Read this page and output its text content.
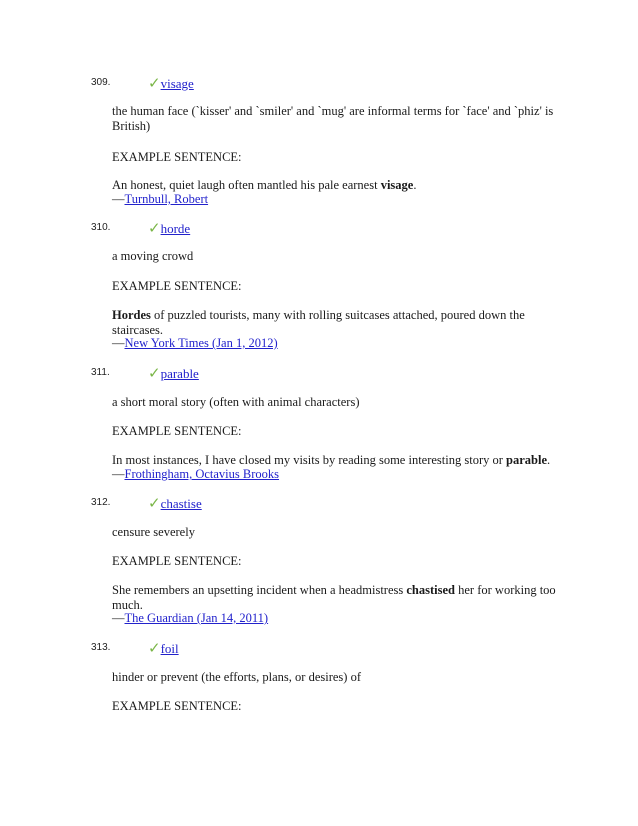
309.	✓visage

the human face (`kisser' and `smiler' and `mug' are informal terms for `face' and `phiz' is British)

EXAMPLE SENTENCE:

An honest, quiet laugh often mantled his pale earnest visage.

—Turnbull, Robert

310.	✓horde

a moving crowd

EXAMPLE SENTENCE:

Hordes of puzzled tourists, many with rolling suitcases attached, poured down the staircases.

—New York Times (Jan 1, 2012)

311.	✓parable

a short moral story (often with animal characters)

EXAMPLE SENTENCE:

In most instances, I have closed my visits by reading some interesting story or parable.

—Frothingham, Octavius Brooks

312.	✓chastise

censure severely

EXAMPLE SENTENCE:

She remembers an upsetting incident when a headmistress chastised her for working too much.

—The Guardian (Jan 14, 2011)

313.	✓foil

hinder or prevent (the efforts, plans, or desires) of

EXAMPLE SENTENCE:
